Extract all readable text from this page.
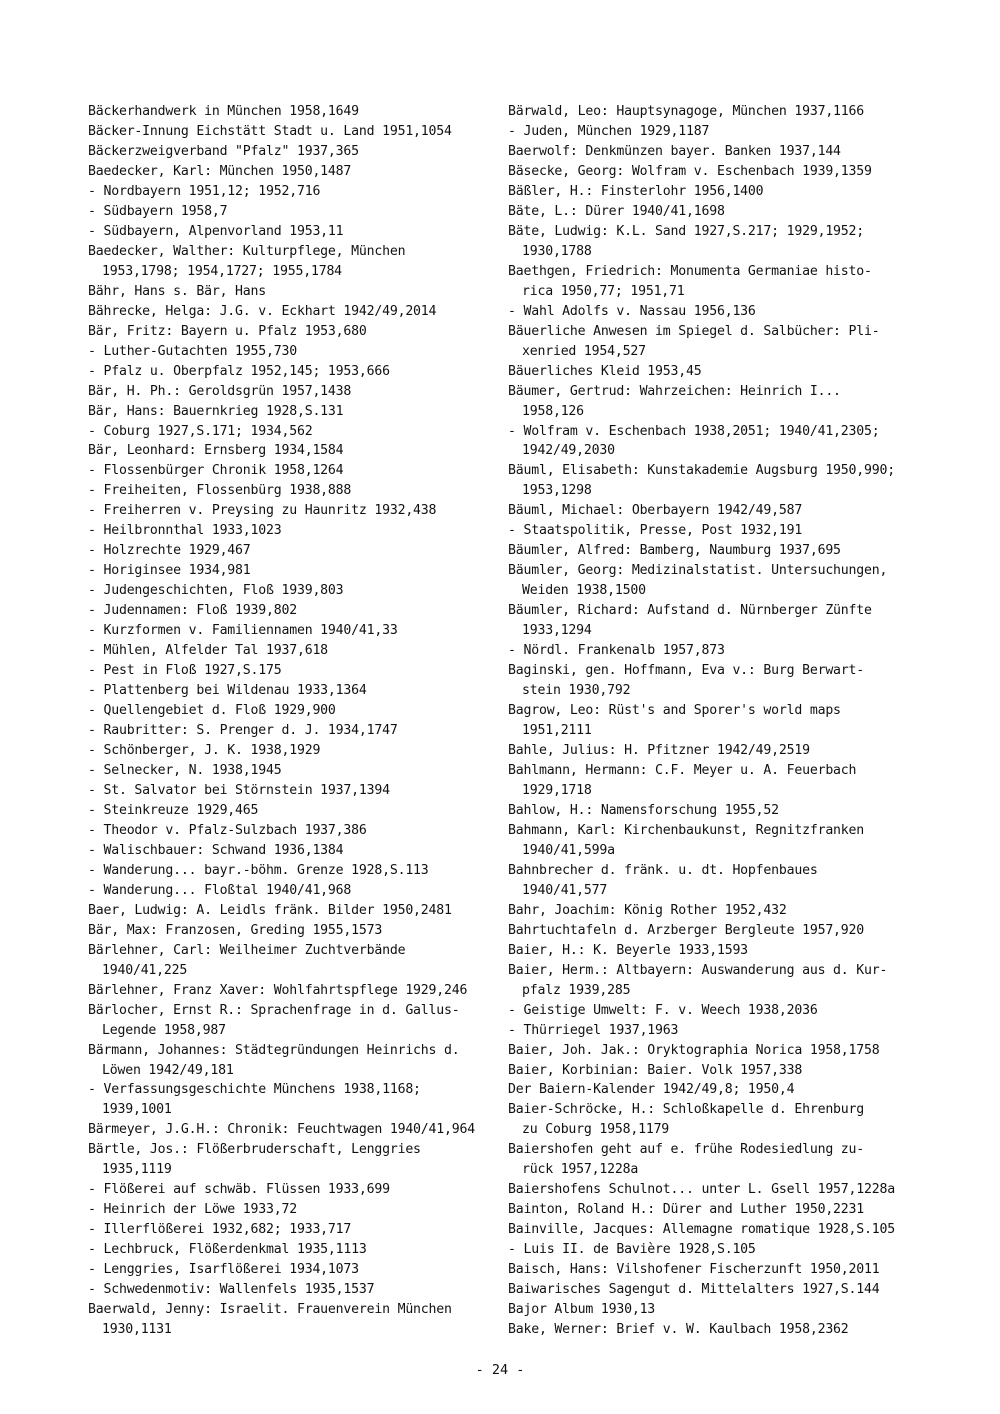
Bäckerhandwerk in München 1958,1649
Bäcker-Innung Eichstätt Stadt u. Land 1951,1054
Bäckerzweigverband "Pfalz" 1937,365
Baedecker, Karl: München 1950,1487
- Nordbayern 1951,12; 1952,716
- Südbayern 1958,7
- Südbayern, Alpenvorland 1953,11
Baedecker, Walther: Kulturpflege, München
1953,1798; 1954,1727; 1955,1784
Bähr, Hans s. Bär, Hans
Bährecke, Helga: J.G. v. Eckhart 1942/49,2014
Bär, Fritz: Bayern u. Pfalz 1953,680
- Luther-Gutachten 1955,730
- Pfalz u. Oberpfalz 1952,145; 1953,666
Bär, H. Ph.: Geroldsgrün 1957,1438
Bär, Hans: Bauernkrieg 1928,S.131
- Coburg 1927,S.171; 1934,562
Bär, Leonhard: Ernsberg 1934,1584
- Flossenbürger Chronik 1958,1264
- Freiheiten, Flossenbürg 1938,888
- Freiherren v. Preysing zu Haunritz 1932,438
- Heilbronnthal 1933,1023
- Holzrechte 1929,467
- Horiginsee 1934,981
- Judengeschichten, Floß 1939,803
- Judennamen: Floß 1939,802
- Kurzformen v. Familiennamen 1940/41,33
- Mühlen, Alfelder Tal 1937,618
- Pest in Floß 1927,S.175
- Plattenberg bei Wildenau 1933,1364
- Quellengebiet d. Floß 1929,900
- Raubritter: S. Prenger d. J. 1934,1747
- Schönberger, J. K. 1938,1929
- Selnecker, N. 1938,1945
- St. Salvator bei Störnstein 1937,1394
- Steinkreuze 1929,465
- Theodor v. Pfalz-Sulzbach 1937,386
- Walischbauer: Schwand 1936,1384
- Wanderung... bayr.-böhm. Grenze 1928,S.113
- Wanderung... Floßtal 1940/41,968
Baer, Ludwig: A. Leidls fränk. Bilder 1950,2481
Bär, Max: Franzosen, Greding 1955,1573
Bärlehner, Carl: Weilheimer Zuchtverbände
1940/41,225
Bärlehner, Franz Xaver: Wohlfahrtspflege 1929,246
Bärlocher, Ernst R.: Sprachenfrage in d. Gallus-
Legende 1958,987
Bärmann, Johannes: Städtegründungen Heinrichs d.
Löwen 1942/49,181
- Verfassungsgeschichte Münchens 1938,1168;
1939,1001
Bärmeyer, J.G.H.: Chronik: Feuchtwagen 1940/41,964
Bärtle, Jos.: Flößerbruderschaft, Lenggries
1935,1119
- Flößerei auf schwäb. Flüssen 1933,699
- Heinrich der Löwe 1933,72
- Illerflößerei 1932,682; 1933,717
- Lechbruck, Flößerdenkmal 1935,1113
- Lenggries, Isarflößerei 1934,1073
- Schwedenmotiv: Wallenfels 1935,1537
Baerwald, Jenny: Israelit. Frauenverein München
1930,1131
Bärwald, Leo: Hauptsynagoge, München 1937,1166
- Juden, München 1929,1187
Baerwolf: Denkmünzen bayer. Banken 1937,144
Bäsecke, Georg: Wolfram v. Eschenbach 1939,1359
Bäßler, H.: Finsterlohr 1956,1400
Bäte, L.: Dürer 1940/41,1698
Bäte, Ludwig: K.L. Sand 1927,S.217; 1929,1952;
1930,1788
Baethgen, Friedrich: Monumenta Germaniae histo-
rica 1950,77; 1951,71
- Wahl Adolfs v. Nassau 1956,136
Bäuerliche Anwesen im Spiegel d. Salbücher: Pli-
xenried 1954,527
Bäuerliches Kleid 1953,45
Bäumer, Gertrud: Wahrzeichen: Heinrich I...
1958,126
- Wolfram v. Eschenbach 1938,2051; 1940/41,2305;
1942/49,2030
Bäuml, Elisabeth: Kunstakademie Augsburg 1950,990;
1953,1298
Bäuml, Michael: Oberbayern 1942/49,587
- Staatspolitik, Presse, Post 1932,191
Bäumler, Alfred: Bamberg, Naumburg 1937,695
Bäumler, Georg: Medizinalstatist. Untersuchungen,
Weiden 1938,1500
Bäumler, Richard: Aufstand d. Nürnberger Zünfte
1933,1294
- Nördl. Frankenalb 1957,873
Baginski, gen. Hoffmann, Eva v.: Burg Berwart-
stein 1930,792
Bagrow, Leo: Rüst's and Sporer's world maps
1951,2111
Bahle, Julius: H. Pfitzner 1942/49,2519
Bahlmann, Hermann: C.F. Meyer u. A. Feuerbach
1929,1718
Bahlow, H.: Namensforschung 1955,52
Bahmann, Karl: Kirchenbaukunst, Regnitzfranken
1940/41,599a
Bahnbrecher d. fränk. u. dt. Hopfenbaues
1940/41,577
Bahr, Joachim: König Rother 1952,432
Bahrtuchtafeln d. Arzberger Bergleute 1957,920
Baier, H.: K. Beyerle 1933,1593
Baier, Herm.: Altbayern: Auswanderung aus d. Kur-
pfalz 1939,285
- Geistige Umwelt: F. v. Weech 1938,2036
- Thürriegel 1937,1963
Baier, Joh. Jak.: Oryktographia Norica 1958,1758
Baier, Korbinian: Baier. Volk 1957,338
Der Baiern-Kalender 1942/49,8; 1950,4
Baier-Schröcke, H.: Schloßkapelle d. Ehrenburg
zu Coburg 1958,1179
Baiershofen geht auf e. frühe Rodesiedlung zu-
rück 1957,1228a
Baiershofens Schulnot... unter L. Gsell 1957,1228a
Bainton, Roland H.: Dürer and Luther 1950,2231
Bainville, Jacques: Allemagne romatique 1928,S.105
- Luis II. de Bavière 1928,S.105
Baisch, Hans: Vilshofener Fischerzunft 1950,2011
Baiwarisches Sagengut d. Mittelalters 1927,S.144
Bajor Album 1930,13
Bake, Werner: Brief v. W. Kaulbach 1958,2362
- 24 -
